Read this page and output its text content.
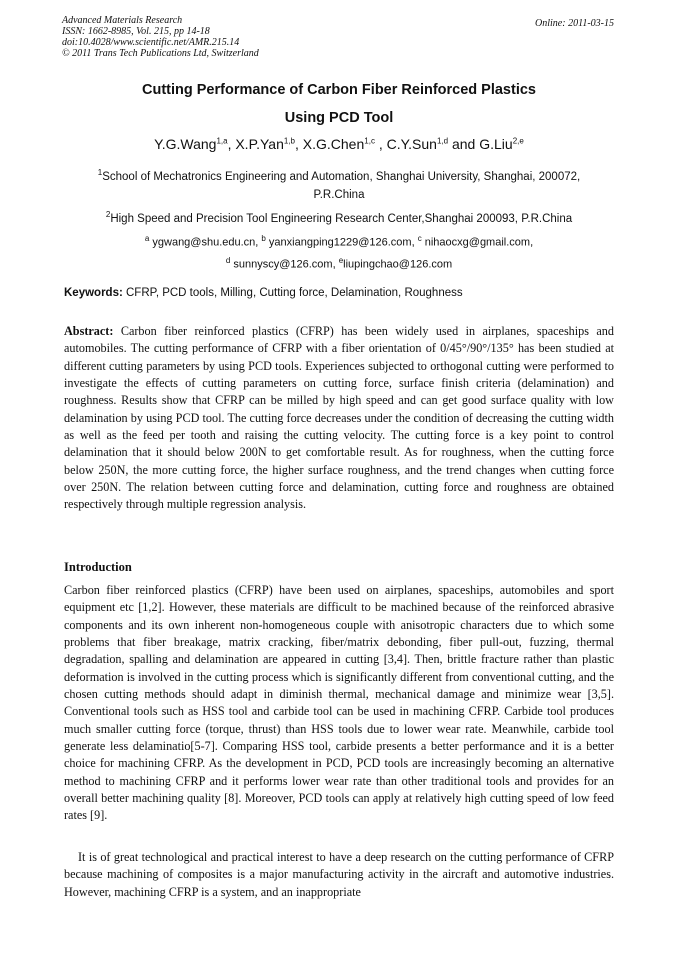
Advanced Materials Research
ISSN: 1662-8985, Vol. 215, pp 14-18
doi:10.4028/www.scientific.net/AMR.215.14
© 2011 Trans Tech Publications Ltd, Switzerland
Online: 2011-03-15
Cutting Performance of Carbon Fiber Reinforced Plastics
Using PCD Tool
Y.G.Wang$^{1,a}$, X.P.Yan$^{1,b}$, X.G.Chen$^{1,c}$ , C.Y.Sun$^{1,d}$ and G.Liu$^{2,e}$
$^1$School of Mechatronics Engineering and Automation, Shanghai University, Shanghai, 200072,
P.R.China
$^2$High Speed and Precision Tool Engineering Research Center,Shanghai 200093, P.R.China
$^a$ ygwang@shu.edu.cn, $^b$ yanxiangping1229@126.com, $^c$ nihaocxg@gmail.com,
$^d$ sunnyscy@126.com, $^e$liupingchao@126.com
Keywords: CFRP, PCD tools, Milling, Cutting force, Delamination, Roughness

Abstract: Carbon fiber reinforced plastics (CFRP) has been widely used in airplanes, spaceships and automobiles. The cutting performance of CFRP with a fiber orientation of 0/45°/90°/135° has been studied at different cutting parameters by using PCD tools. Experiences subjected to orthogonal cutting were performed to investigate the effects of cutting parameters on cutting force, surface finish criteria (delamination) and roughness. Results show that CFRP can be milled by high speed and can get good surface quality with low delamination by using PCD tool. The cutting force decreases under the condition of decreasing the cutting width as well as the feed per tooth and raising the cutting velocity. The cutting force is a key point to control delamination that it should below 200N to get comfortable result. As for roughness, when the cutting force below 250N, the more cutting force, the higher surface roughness, and the trend changes when cutting force over 250N. The relation between cutting force and delamination, cutting force and roughness are obtained respectively through multiple regression analysis.

Introduction

Carbon fiber reinforced plastics (CFRP) have been used on airplanes, spaceships, automobiles and sport equipment etc [1,2]. However, these materials are difficult to be machined because of the reinforced abrasive components and its own inherent non-homogeneous couple with anisotropic characters due to which some problems that fiber breakage, matrix cracking, fiber/matrix debonding, fiber pull-out, fuzzing, thermal degradation, spalling and delamination are appeared in cutting [3,4]. Then, brittle fracture rather than plastic deformation is involved in the cutting process which is significantly different from conventional cutting, and the chosen cutting methods should adapt in diminish thermal, mechanical damage and minimize wear [3,5]. Conventional tools such as HSS tool and carbide tool can be used in machining CFRP. Carbide tool produces much smaller cutting force (torque, thrust) than HSS tools due to lower wear rate. Meanwhile, carbide tool generate less delaminatio[5-7]. Comparing HSS tool, carbide presents a better performance and it is a better choice for machining CFRP. As the development in PCD, PCD tools are increasingly becoming an alternative method to machining CFRP and it performs lower wear rate than other traditional tools and provides for an overall better machining quality [8]. Moreover, PCD tools can apply at relatively high cutting speed of low feed rates [9].

It is of great technological and practical interest to have a deep research on the cutting performance of CFRP because machining of composites is a major manufacturing activity in the aircraft and automotive industries. However, machining CFRP is a system, and an inappropriate
